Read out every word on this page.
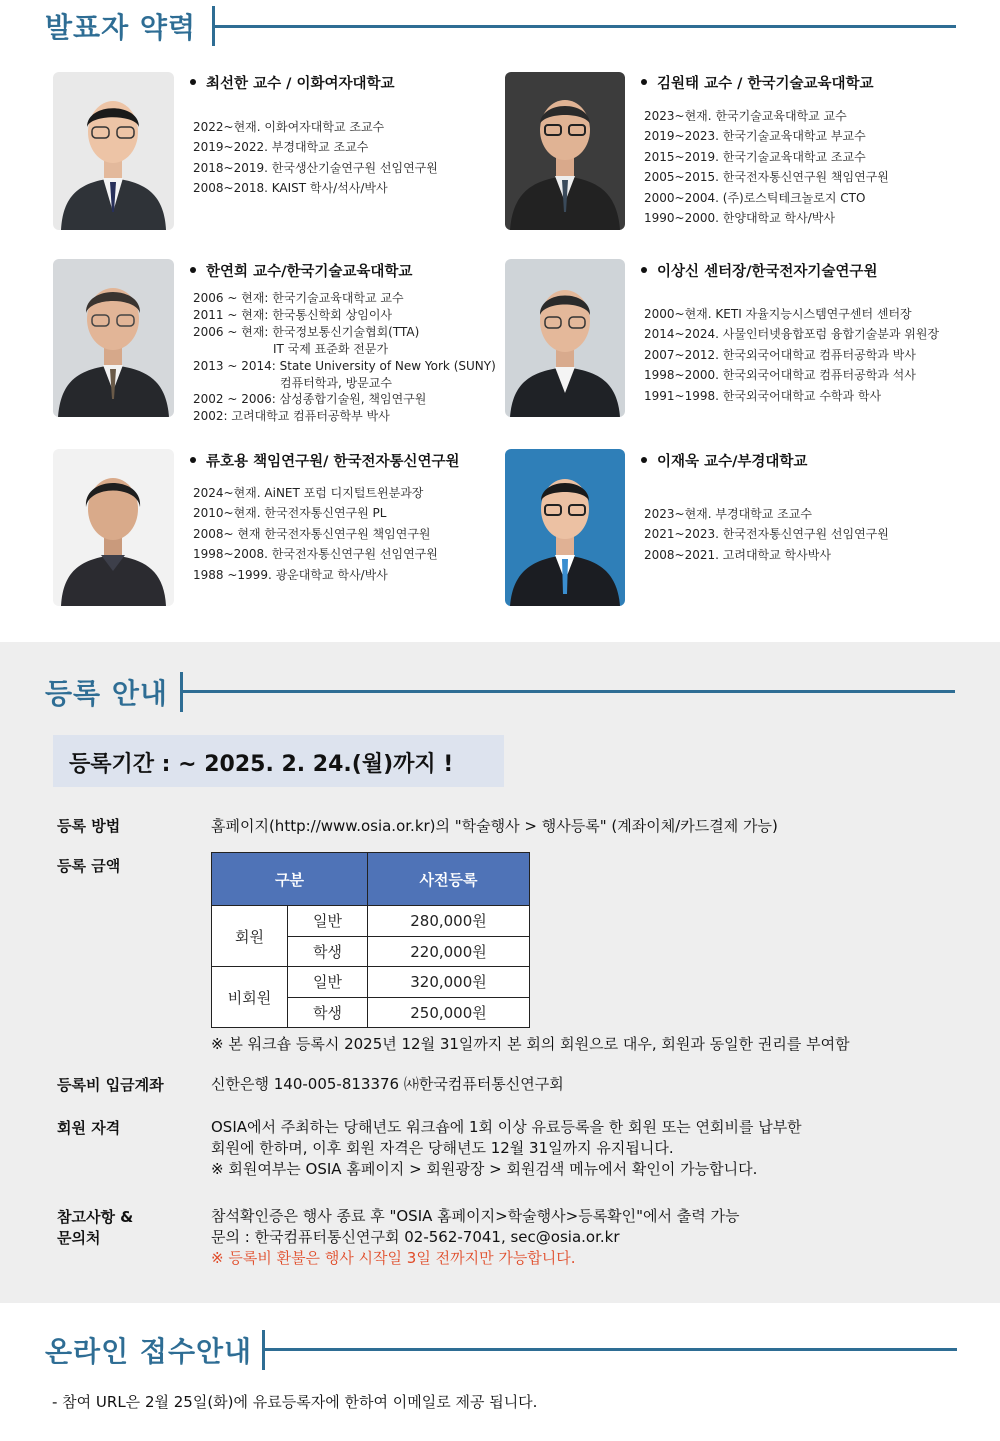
발표자 약력
최선한 교수 / 이화여자대학교
2022~현재. 이화여자대학교 조교수
2019~2022. 부경대학교 조교수
2018~2019. 한국생산기술연구원 선임연구원
2008~2018. KAIST 학사/석사/박사
김원태 교수 / 한국기술교육대학교
2023~현재. 한국기술교육대학교 교수
2019~2023. 한국기술교육대학교 부교수
2015~2019. 한국기술교육대학교 조교수
2005~2015. 한국전자통신연구원 책임연구원
2000~2004. (주)로스틱테크놀로지 CTO
1990~2000. 한양대학교 학사/박사
한연희 교수/한국기술교육대학교
2006 ~ 현재: 한국기술교육대학교 교수
2011 ~ 현재: 한국통신학회 상임이사
2006 ~ 현재: 한국정보통신기술협회(TTA)
IT 국제 표준화 전문가
2013 ~ 2014: State University of New York (SUNY)
컴퓨터학과, 방문교수
2002 ~ 2006: 삼성종합기술원, 책임연구원
2002: 고려대학교 컴퓨터공학부 박사
이상신 센터장/한국전자기술연구원
2000~현재. KETI 자율지능시스템연구센터 센터장
2014~2024. 사물인터넷융합포럼 융합기술분과 위원장
2007~2012. 한국외국어대학교 컴퓨터공학과 박사
1998~2000. 한국외국어대학교 컴퓨터공학과 석사
1991~1998. 한국외국어대학교 수학과 학사
류호용 책임연구원/ 한국전자통신연구원
2024~현재. AiNET 포럼 디지털트윈분과장
2010~현재. 한국전자통신연구원 PL
2008~ 현재 한국전자통신연구원 책임연구원
1998~2008. 한국전자통신연구원 선임연구원
1988 ~1999. 광운대학교 학사/박사
이재욱 교수/부경대학교
2023~현재. 부경대학교 조교수
2021~2023. 한국전자통신연구원 선임연구원
2008~2021. 고려대학교 학사박사
등록 안내
등록기간 : ~ 2025. 2. 24.(월)까지 !
등록 방법	홈페이지(http://www.osia.or.kr)의 "학술행사 > 행사등록" (계좌이체/카드결제 가능)
등록 금액
구분		사전등록
회원	일반	280,000원
	학생	220,000원
비회원	일반	320,000원
	학생	250,000원
※ 본 워크숍 등록시 2025년 12월 31일까지 본 회의 회원으로 대우, 회원과 동일한 권리를 부여함
등록비 입금계좌	신한은행 140-005-813376 ㈔한국컴퓨터통신연구회
회원 자격	OSIA에서 주최하는 당해년도 워크숍에 1회 이상 유료등록을 한 회원 또는 연회비를 납부한
회원에 한하며, 이후 회원 자격은 당해년도 12월 31일까지 유지됩니다.
※ 회원여부는 OSIA 홈페이지 > 회원광장 > 회원검색 메뉴에서 확인이 가능합니다.
참고사항 &
문의처
참석확인증은 행사 종료 후 "OSIA 홈페이지>학술행사>등록확인"에서 출력 가능
문의 : 한국컴퓨터통신연구회 02-562-7041, sec@osia.or.kr
※ 등록비 환불은 행사 시작일 3일 전까지만 가능합니다.
온라인 접수안내
- 참여 URL은 2월 25일(화)에 유료등록자에 한하여 이메일로 제공 됩니다.
